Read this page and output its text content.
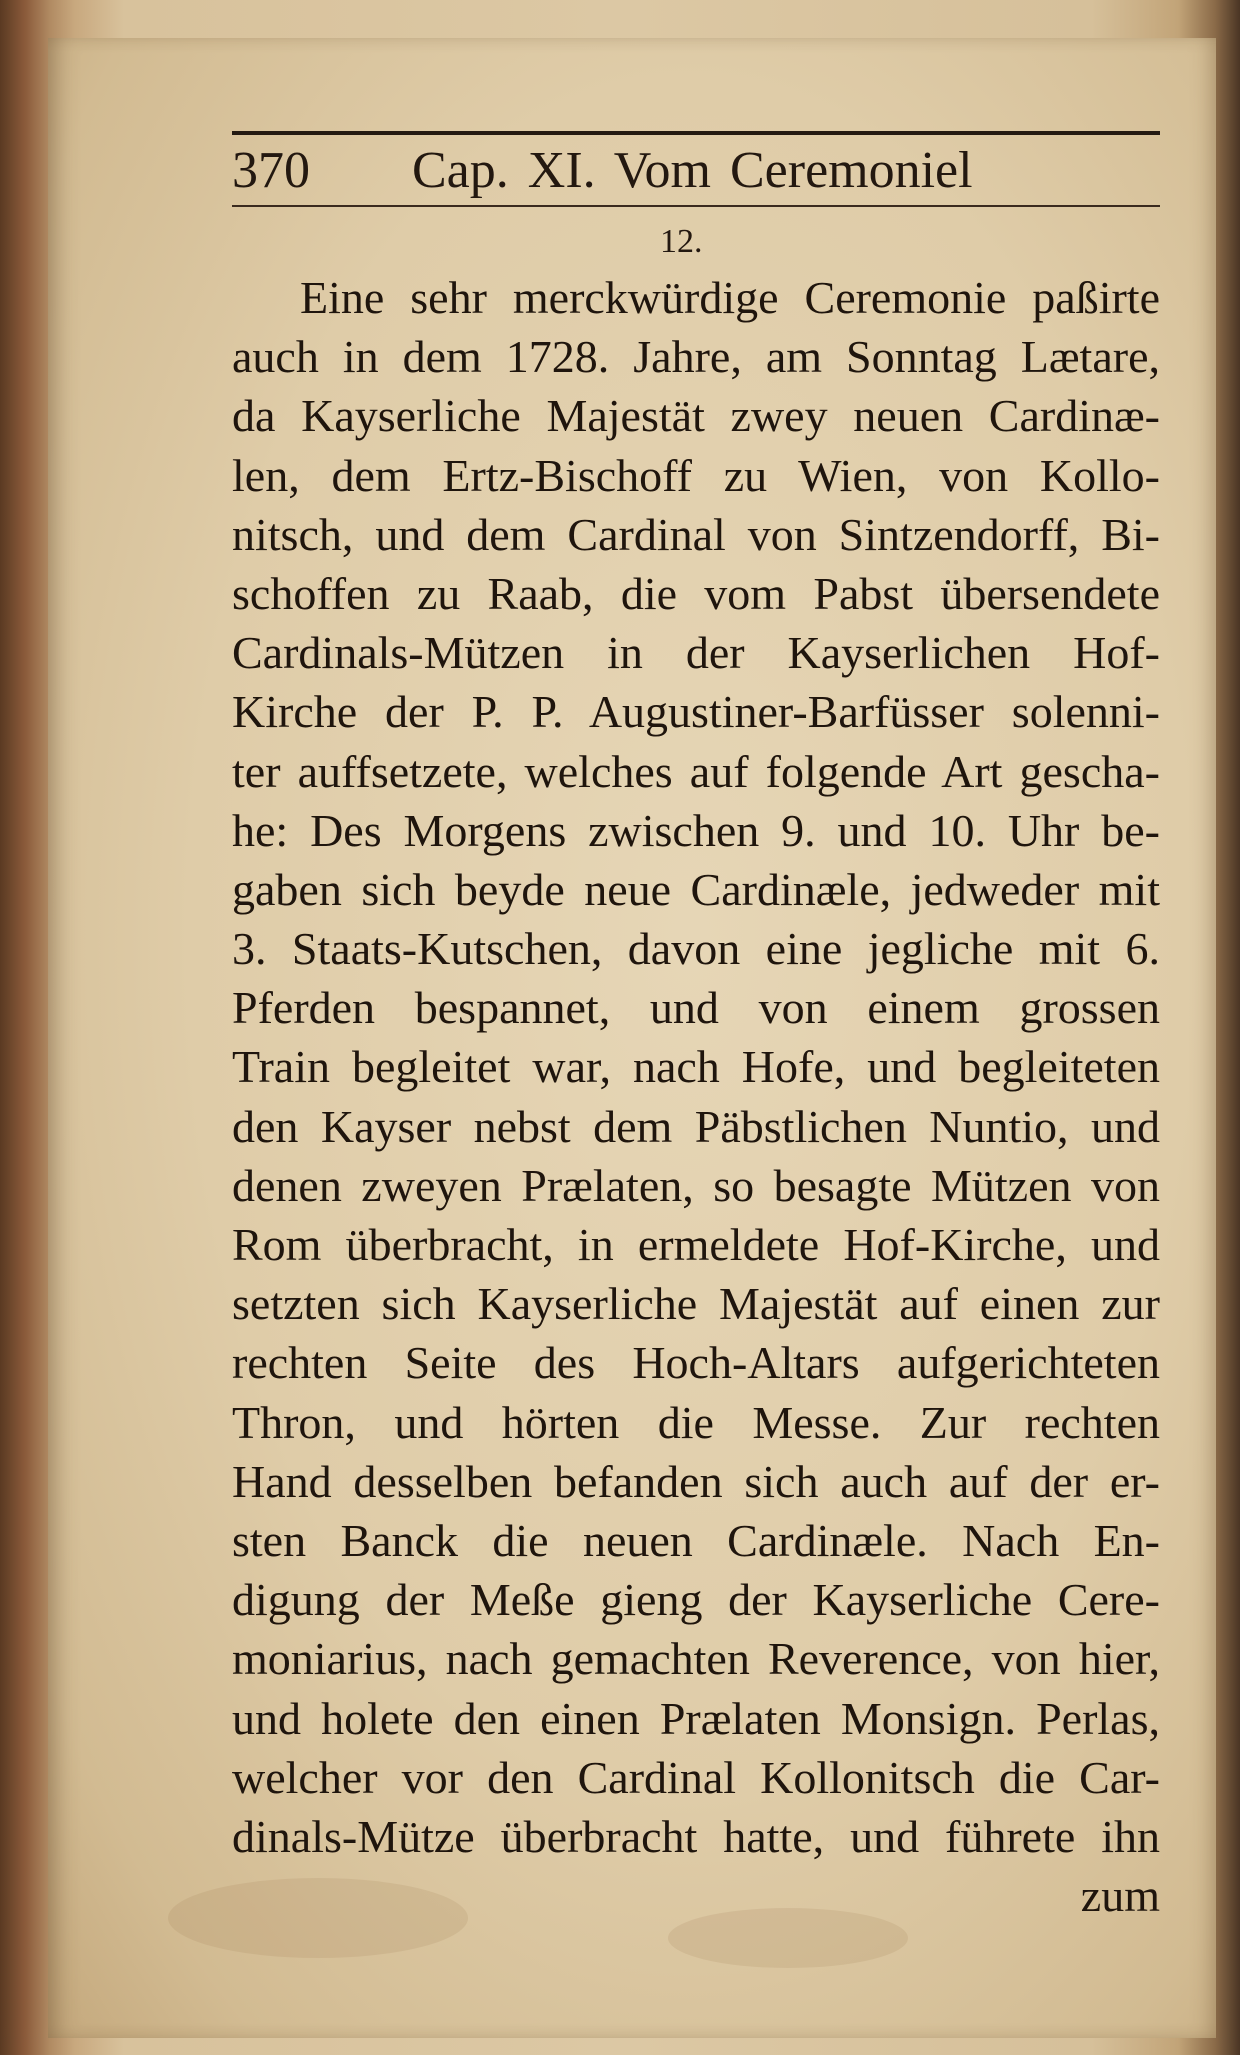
370 Cap. XI. Vom Ceremoniel
12.
Eine sehr merckwürdige Ceremonie paßirte
auch in dem 1728. Jahre, am Sonntag Lætare,
da Kayserliche Majestät zwey neuen Cardinæ-
len, dem Ertz-Bischoff zu Wien, von Kollo-
nitsch, und dem Cardinal von Sintzendorff, Bi-
schoffen zu Raab, die vom Pabst übersendete
Cardinals-Mützen in der Kayserlichen Hof-
Kirche der P. P. Augustiner-Barfüsser solenni-
ter auffsetzete, welches auf folgende Art gescha-
he: Des Morgens zwischen 9. und 10. Uhr be-
gaben sich beyde neue Cardinæle, jedweder mit
3. Staats-Kutschen, davon eine jegliche mit 6.
Pferden bespannet, und von einem grossen
Train begleitet war, nach Hofe, und begleiteten
den Kayser nebst dem Päbstlichen Nuntio, und
denen zweyen Prælaten, so besagte Mützen von
Rom überbracht, in ermeldete Hof-Kirche, und
setzten sich Kayserliche Majestät auf einen zur
rechten Seite des Hoch-Altars aufgerichteten
Thron, und hörten die Messe. Zur rechten
Hand desselben befanden sich auch auf der er-
sten Banck die neuen Cardinæle. Nach En-
digung der Meße gieng der Kayserliche Cere-
moniarius, nach gemachten Reverence, von hier,
und holete den einen Prælaten Monsign. Perlas,
welcher vor den Cardinal Kollonitsch die Car-
dinals-Mütze überbracht hatte, und führete ihn
zum
